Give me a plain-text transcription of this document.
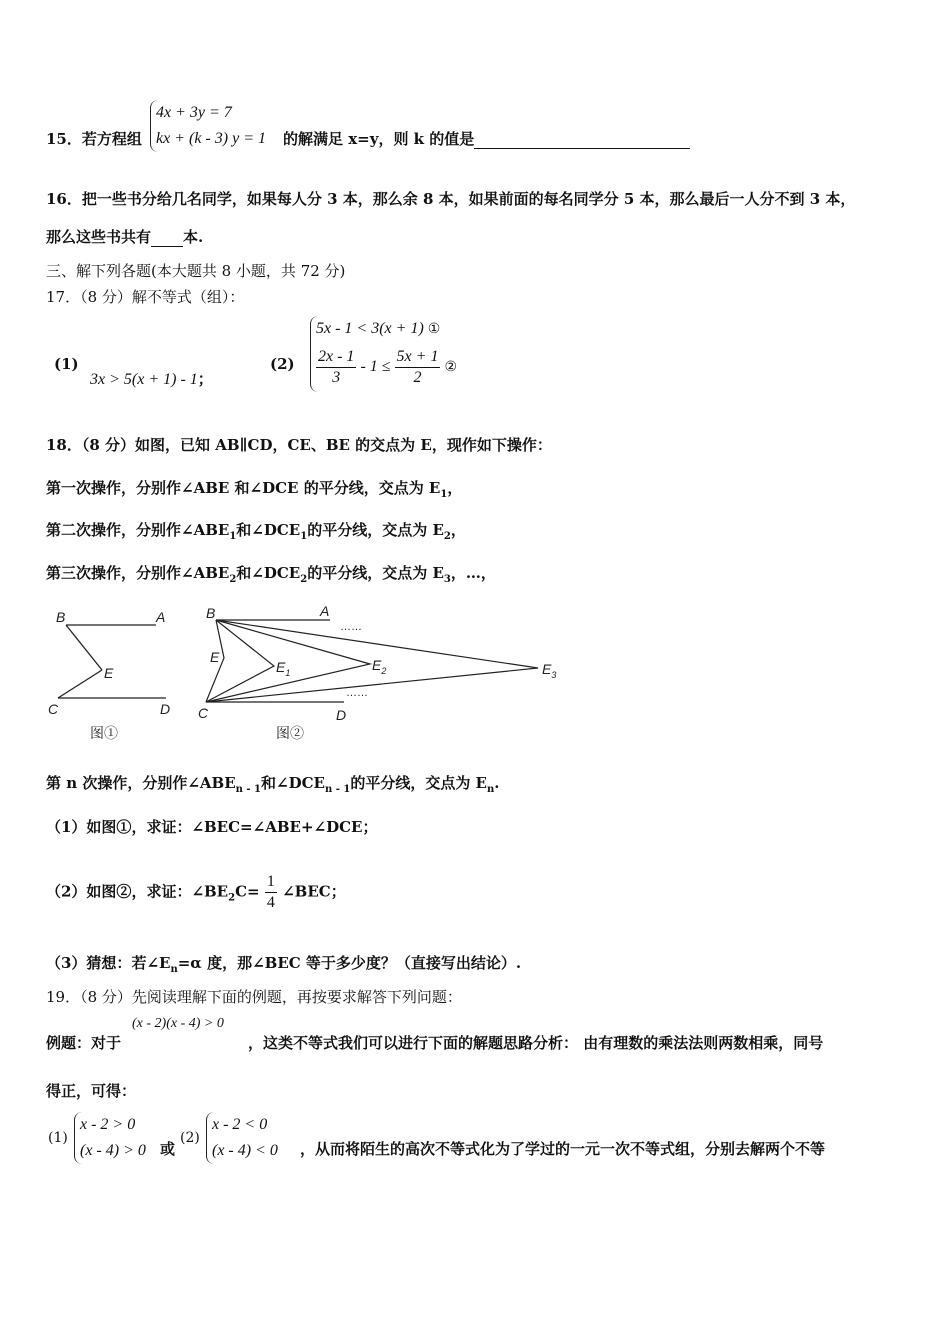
15．若方程组
4x + 3y = 7
kx + (k - 3) y = 1 的解满足 x=y，则 k 的值是
16．把一些书分给几名同学，如果每人分 3 本，那么余 8 本，如果前面的每名同学分 5 本，那么最后一人分不到 3 本，
那么这些书共有 本.
三、解下列各题(本大题共 8 小题，共 72 分)
17．（8 分）解不等式（组）：
(1)
3x > 5(x + 1) - 1；
(2)
5x - 1 < 3(x + 1) ①
$\frac{2x - 1}{3} - 1 \le \frac{5x + 1}{2}$ ②
18．（8 分）如图，已知 AB∥CD，CE、BE 的交点为 E，现作如下操作：
第一次操作，分别作∠ABE 和∠DCE 的平分线，交点为 $E_1$，
第二次操作，分别作$\angle ABE_1$和$\angle DCE_1$的平分线，交点为 $E_2$，
第三次操作，分别作$\angle ABE_2$和$\angle DCE_2$的平分线，交点为 $E_3$，…，
B	A
E
C	D
图①
B	A
……
E
$E_1$	$E_2$	$E_3$
……
C	D
图②
第 n 次操作，分别作$\angle ABE_{n - 1}$和$\angle DCE_{n - 1}$的平分线，交点为 $E_n$.
（1）如图①，求证：∠BEC=∠ABE+∠DCE；
（2）如图②，求证：$\angle BE_2C= \frac{1}{4}$ ∠BEC；
（3）猜想：若$\angle E_n=\alpha$ 度，那∠BEC 等于多少度？（直接写出结论）.
19．（8 分）先阅读理解下面的例题，再按要求解答下列问题：
例题：对于
(x - 2)(x - 4) > 0
，这类不等式我们可以进行下面的解题思路分析： 由有理数的乘法法则两数相乘，同号
得正，可得：
(1)
x - 2 > 0
(x - 4) > 0 或
(2)
x - 2 < 0
(x - 4) < 0 ，从而将陌生的高次不等式化为了学过的一元一次不等式组，分别去解两个不等
